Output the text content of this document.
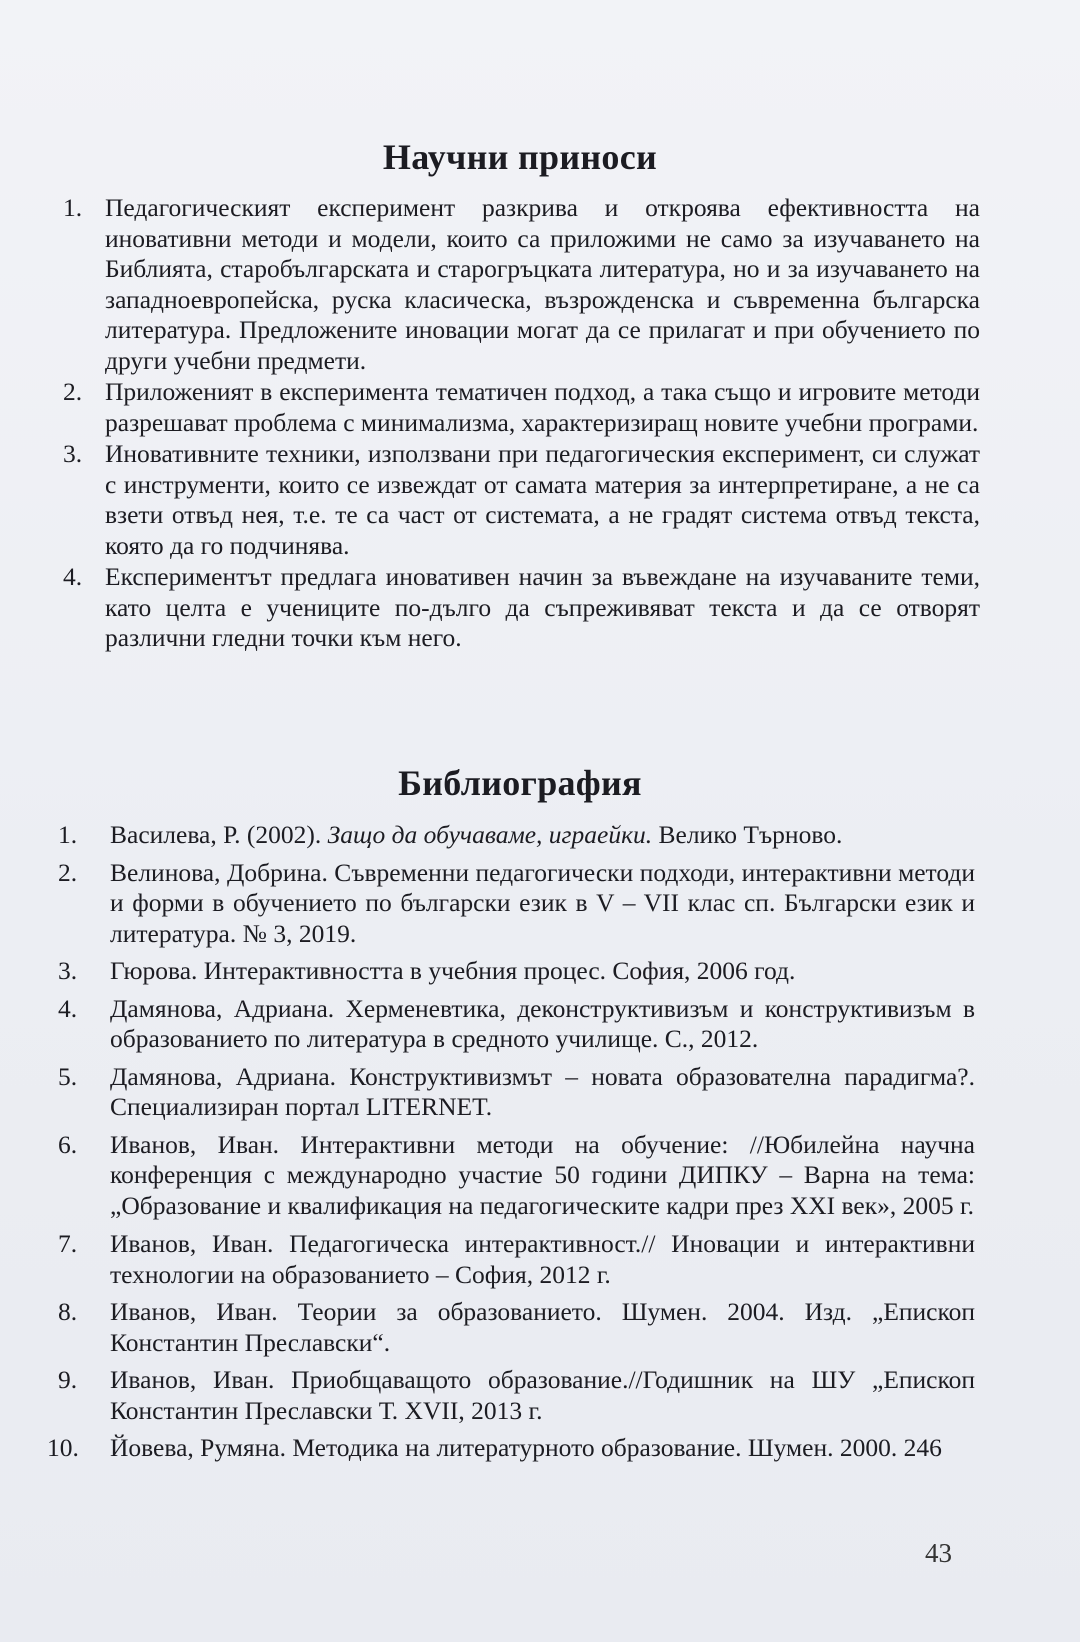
Научни приноси
1. Педагогическият експеримент разкрива и откроява ефективността на иновативни методи и модели, които са приложими не само за изучаването на Библията, старобългарската и старогръцката литература, но и за изучаването на западноевропейска, руска класическа, възрожденска и съвременна българска литература. Предложените иновации могат да се прилагат и при обучението по други учебни предмети.
2. Приложеният в експеримента тематичен подход, а така също и игровите методи разрешават проблема с минимализма, характеризиращ новите учебни програми.
3. Иновативните техники, използвани при педагогическия експеримент, си служат с инструменти, които се извеждат от самата материя за интерпретиране, а не са взети отвъд нея, т.е. те са част от системата, а не градят система отвъд текста, която да го подчинява.
4. Експериментът предлага иновативен начин за въвеждане на изучаваните теми, като целта е учениците по-дълго да съпреживяват текста и да се отворят различни гледни точки към него.
Библиография
1. Василева, Р. (2002). Защо да обучаваме, играейки. Велико Търново.
2. Велинова, Добрина. Съвременни педагогически подходи, интерактивни методи и форми в обучението по български език в V – VII клас сп. Български език и литература. № 3, 2019.
3. Гюрова. Интерактивността в учебния процес. София, 2006 год.
4. Дамянова, Адриана. Херменевтика, деконструктивизъм и конструктивизъм в образованието по литература в средното училище. С., 2012.
5. Дамянова, Адриана. Конструктивизмът – новата образователна парадигма?. Специализиран портал LITERNET.
6. Иванов, Иван. Интерактивни методи на обучение: //Юбилейна научна конференция с международно участие 50 години ДИПКУ – Варна на тема: „Образование и квалификация на педагогическите кадри през XXI век», 2005 г.
7. Иванов, Иван. Педагогическа интерактивност.// Иновации и интерактивни технологии на образованието – София, 2012 г.
8. Иванов, Иван. Теории за образованието. Шумен. 2004. Изд. „Епископ Константин Преславски“.
9. Иванов, Иван. Приобщаващото образование.//Годишник на ШУ „Епископ Константин Преславски Т. XVII, 2013 г.
10. Йовева, Румяна. Методика на литературното образование. Шумен. 2000. 246
43
